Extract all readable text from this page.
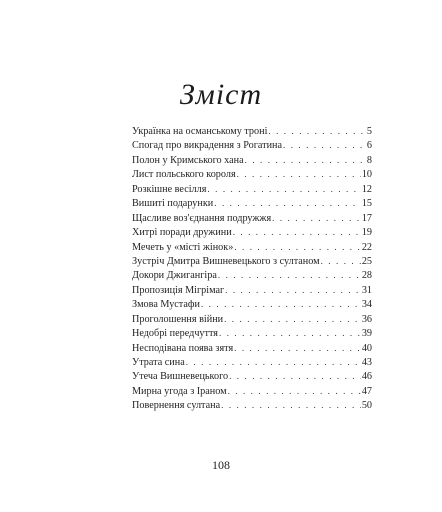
Зміст
Українка на османському троні . . .	5
Спогад про викрадення з Рогатина . . .	6
Полон у Кримського хана . . .	8
Лист польського короля . . .	10
Розкішне весілля . . .	12
Вишиті подарунки . . .	15
Щасливе воз'єднання подружжя . . .	17
Хитрі поради дружини . . .	19
Мечеть у «місті жінок» . . .	22
Зустріч Дмитра Вишневецького з султаном . . .	25
Докори Джигангіра . . .	28
Пропозиція Мігрімаг . . .	31
Змова Мустафи . . .	34
Проголошення війни . . .	36
Недобрі передчуття . . .	39
Несподівана поява зятя . . .	40
Утрата сина . . .	43
Утеча Вишневецького . . .	46
Мирна угода з Іраном . . .	47
Повернення султана . . .	50
108
